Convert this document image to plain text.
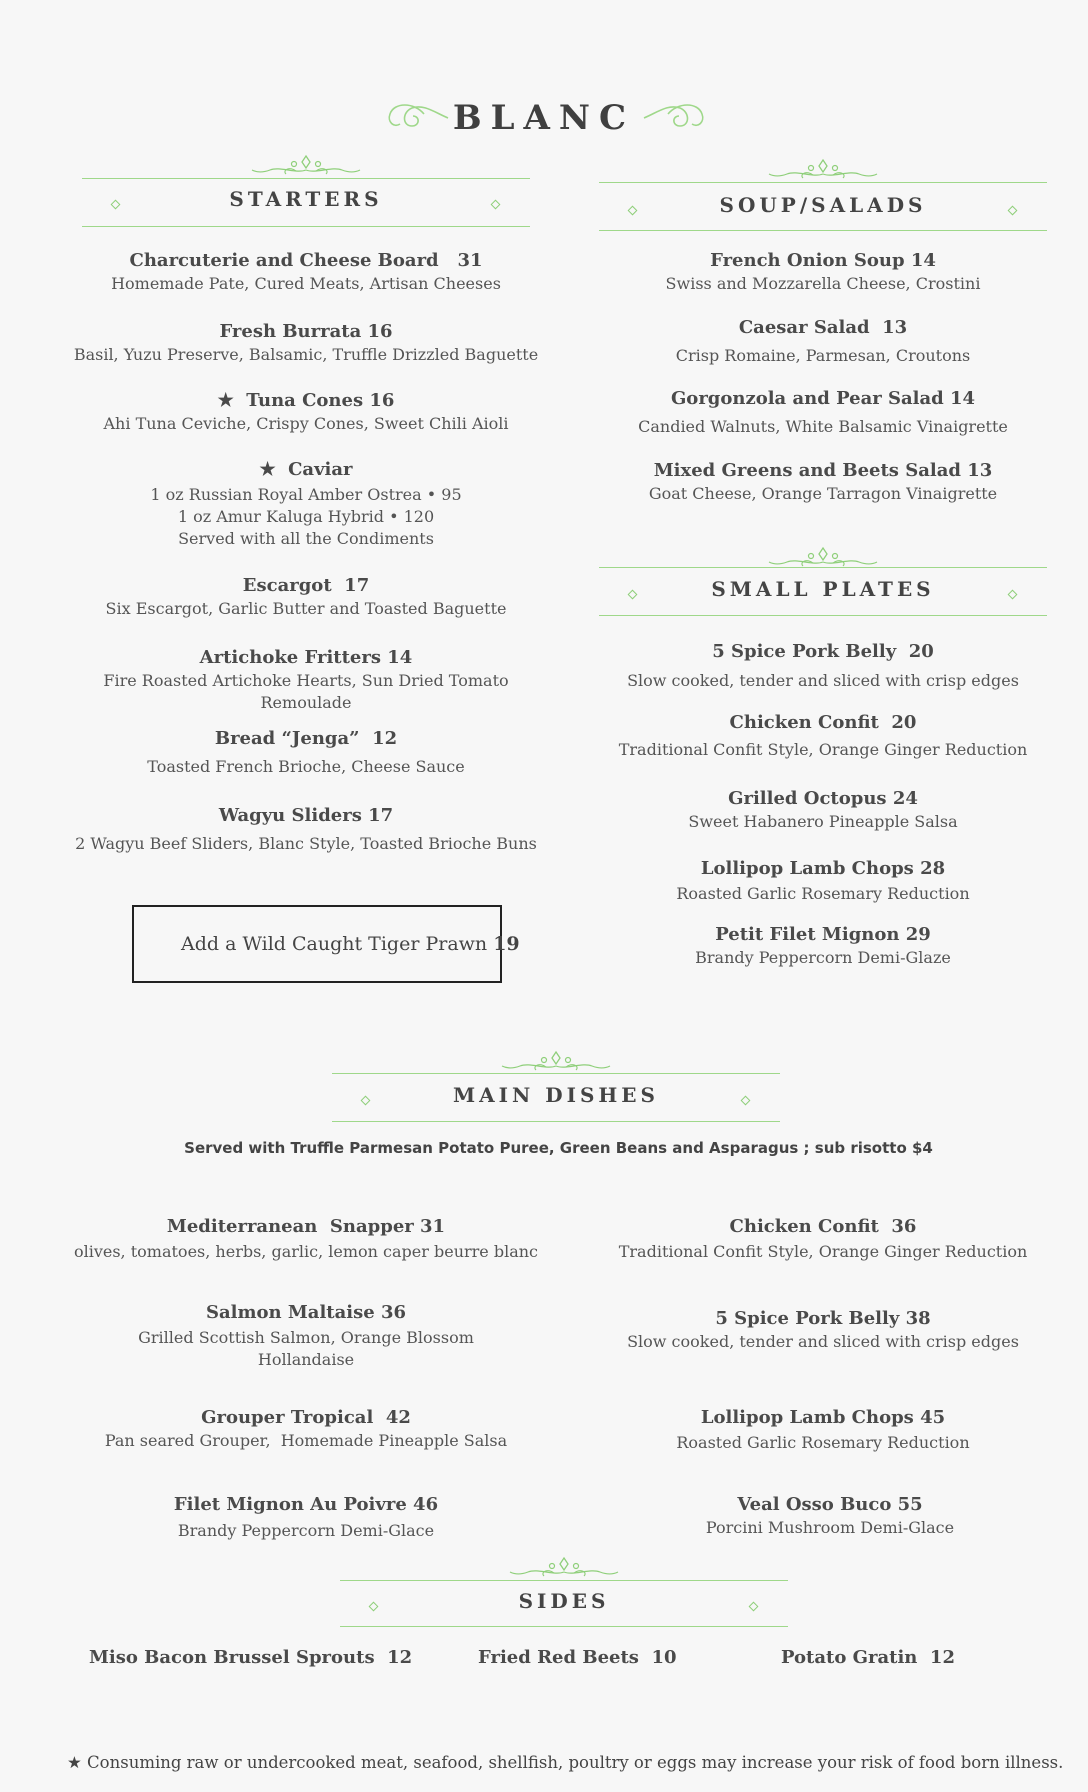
BLANC
STARTERS	SOUP/SALADS
Charcuterie and Cheese Board   31
Homemade Pate, Cured Meats, Artisan Cheeses
Fresh Burrata 16
Basil, Yuzu Preserve, Balsamic, Truffle Drizzled Baguette
★  Tuna Cones 16
Ahi Tuna Ceviche, Crispy Cones, Sweet Chili Aioli
★  Caviar
1 oz Russian Royal Amber Ostrea • 95
1 oz Amur Kaluga Hybrid • 120
Served with all the Condiments
Escargot  17
Six Escargot, Garlic Butter and Toasted Baguette
Artichoke Fritters 14
Fire Roasted Artichoke Hearts, Sun Dried Tomato
Remoulade
Bread “Jenga”  12
Toasted French Brioche, Cheese Sauce
Wagyu Sliders 17
2 Wagyu Beef Sliders, Blanc Style, Toasted Brioche Buns
Add a Wild Caught Tiger Prawn 19
French Onion Soup 14
Swiss and Mozzarella Cheese, Crostini
Caesar Salad  13
Crisp Romaine, Parmesan, Croutons
Gorgonzola and Pear Salad 14
Candied Walnuts, White Balsamic Vinaigrette
Mixed Greens and Beets Salad 13
Goat Cheese, Orange Tarragon Vinaigrette
SMALL PLATES
5 Spice Pork Belly  20
Slow cooked, tender and sliced with crisp edges
Chicken Confit  20
Traditional Confit Style, Orange Ginger Reduction
Grilled Octopus 24
Sweet Habanero Pineapple Salsa
Lollipop Lamb Chops 28
Roasted Garlic Rosemary Reduction
Petit Filet Mignon 29
Brandy Peppercorn Demi-Glaze
MAIN DISHES
Served with Truffle Parmesan Potato Puree, Green Beans and Asparagus ; sub risotto $4
Mediterranean  Snapper 31
olives, tomatoes, herbs, garlic, lemon caper beurre blanc
Salmon Maltaise 36
Grilled Scottish Salmon, Orange Blossom
Hollandaise
Grouper Tropical  42
Pan seared Grouper,  Homemade Pineapple Salsa
Filet Mignon Au Poivre 46
Brandy Peppercorn Demi-Glace
Chicken Confit  36
Traditional Confit Style, Orange Ginger Reduction
5 Spice Pork Belly 38
Slow cooked, tender and sliced with crisp edges
Lollipop Lamb Chops 45
Roasted Garlic Rosemary Reduction
Veal Osso Buco 55
Porcini Mushroom Demi-Glace
SIDES
Miso Bacon Brussel Sprouts  12	Fried Red Beets  10	Potato Gratin  12
★ Consuming raw or undercooked meat, seafood, shellfish, poultry or eggs may increase your risk of food born illness.
